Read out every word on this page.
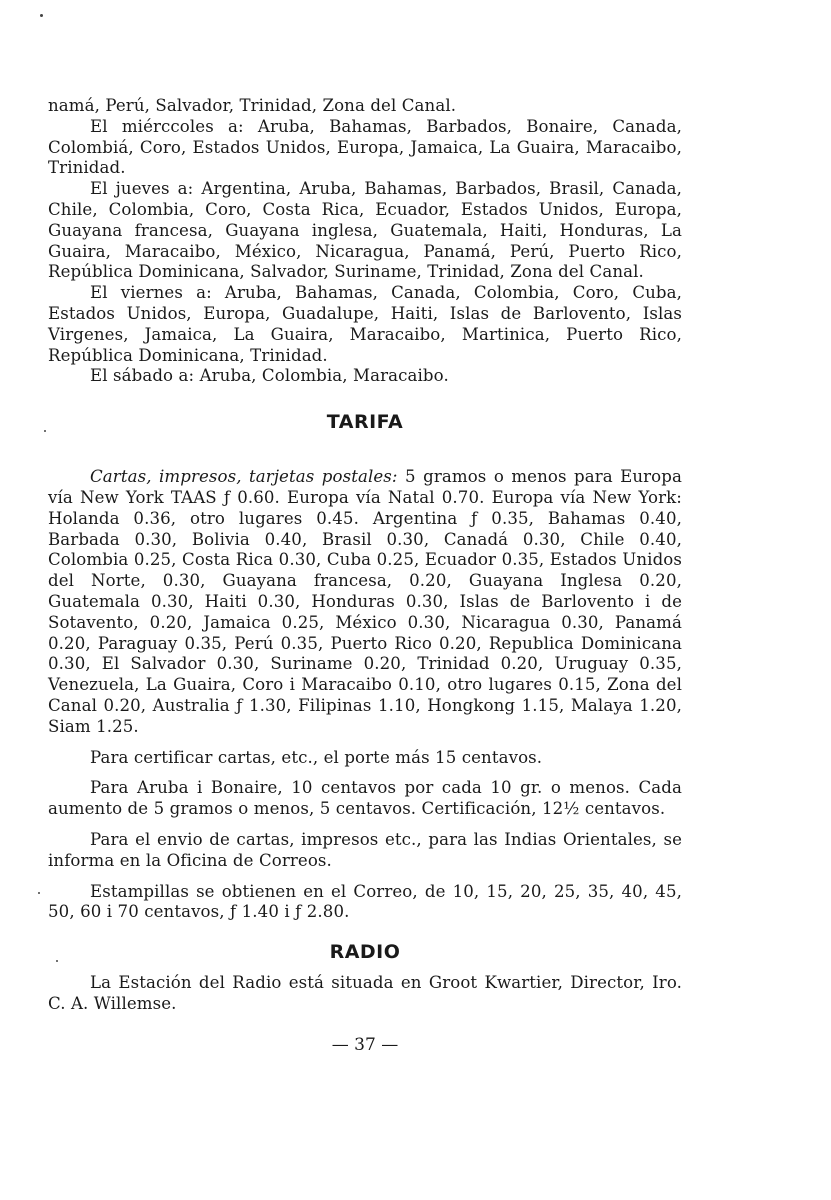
namá, Perú, Salvador, Trinidad, Zona del Canal.

El miérccoles a: Aruba, Bahamas, Barbados, Bonaire, Canada, Colombiá, Coro, Estados Unidos, Europa, Jamaica, La Guaira, Maracaibo, Trinidad.

El jueves a: Argentina, Aruba, Bahamas, Barbados, Brasil, Canada, Chile, Colombia, Coro, Costa Rica, Ecuador, Estados Unidos, Europa, Guayana francesa, Guayana inglesa, Guatemala, Haiti, Honduras, La Guaira, Maracaibo, México, Nicaragua, Panamá, Perú, Puerto Rico, República Dominicana, Salvador, Suriname, Trinidad, Zona del Canal.

El viernes a: Aruba, Bahamas, Canada, Colombia, Coro, Cuba, Estados Unidos, Europa, Guadalupe, Haiti, Islas de Barlovento, Islas Virgenes, Jamaica, La Guaira, Maracaibo, Martinica, Puerto Rico, República Dominicana, Trinidad.

El sábado a: Aruba, Colombia, Maracaibo.

TARIFA

Cartas, impresos, tarjetas postales: 5 gramos o menos para Europa vía New York TAAS ƒ 0.60. Europa vía Natal 0.70. Europa vía New York: Holanda 0.36, otro lugares 0.45. Argentina ƒ 0.35, Bahamas 0.40, Barbada 0.30, Bolivia 0.40, Brasil 0.30, Canadá 0.30, Chile 0.40, Colombia 0.25, Costa Rica 0.30, Cuba 0.25, Ecuador 0.35, Estados Unidos del Norte, 0.30, Guayana francesa, 0.20, Guayana Inglesa 0.20, Guatemala 0.30, Haiti 0.30, Honduras 0.30, Islas de Barlovento i de Sotavento, 0.20, Jamaica 0.25, México 0.30, Nicaragua 0.30, Panamá 0.20, Paraguay 0.35, Perú 0.35, Puerto Rico 0.20, Republica Dominicana 0.30, El Salvador 0.30, Suriname 0.20, Trinidad 0.20, Uruguay 0.35, Venezuela, La Guaira, Coro i Maracaibo 0.10, otro lugares 0.15, Zona del Canal 0.20, Australia ƒ 1.30, Filipinas 1.10, Hongkong 1.15, Malaya 1.20, Siam 1.25.

Para certificar cartas, etc., el porte más 15 centavos.

Para Aruba i Bonaire, 10 centavos por cada 10 gr. o menos. Cada aumento de 5 gramos o menos, 5 centavos. Certificación, 12½ centavos.

Para el envio de cartas, impresos etc., para las Indias Orientales, se informa en la Oficina de Correos.

Estampillas se obtienen en el Correo, de 10, 15, 20, 25, 35, 40, 45, 50, 60 i 70 centavos, ƒ 1.40 i ƒ 2.80.

RADIO

La Estación del Radio está situada en Groot Kwartier, Director, Iro. C. A. Willemse.

— 37 —
